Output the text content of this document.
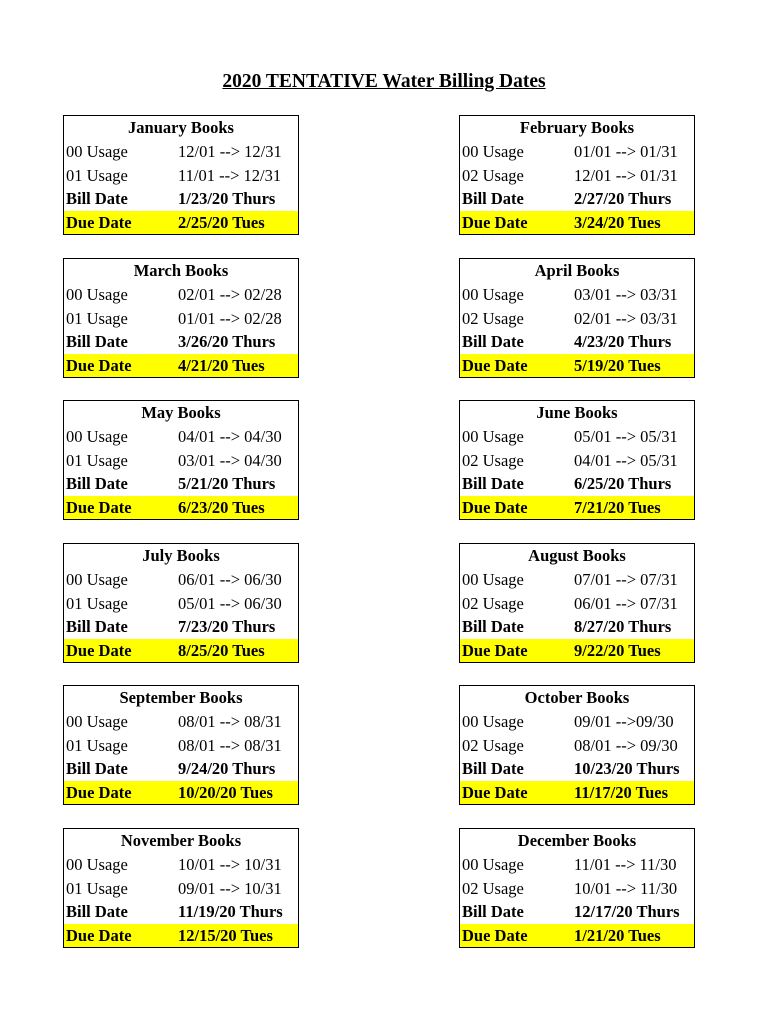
2020 TENTATIVE Water Billing Dates
January Books
00 Usage	12/01 --> 12/31
01 Usage	11/01 --> 12/31
Bill Date	1/23/20 Thurs
Due Date	2/25/20 Tues
February Books
00 Usage	01/01 --> 01/31
02 Usage	12/01 --> 01/31
Bill Date	2/27/20 Thurs
Due Date	3/24/20 Tues
March Books
00 Usage	02/01 --> 02/28
01 Usage	01/01 --> 02/28
Bill Date	3/26/20 Thurs
Due Date	4/21/20 Tues
April Books
00 Usage	03/01 --> 03/31
02 Usage	02/01 --> 03/31
Bill Date	4/23/20 Thurs
Due Date	5/19/20 Tues
May Books
00 Usage	04/01 --> 04/30
01 Usage	03/01 --> 04/30
Bill Date	5/21/20 Thurs
Due Date	6/23/20 Tues
June Books
00 Usage	05/01 --> 05/31
02 Usage	04/01 --> 05/31
Bill Date	6/25/20 Thurs
Due Date	7/21/20 Tues
July Books
00 Usage	06/01 --> 06/30
01 Usage	05/01 --> 06/30
Bill Date	7/23/20 Thurs
Due Date	8/25/20 Tues
August Books
00 Usage	07/01 --> 07/31
02 Usage	06/01 --> 07/31
Bill Date	8/27/20 Thurs
Due Date	9/22/20 Tues
September Books
00 Usage	08/01 --> 08/31
01 Usage	08/01 --> 08/31
Bill Date	9/24/20 Thurs
Due Date	10/20/20 Tues
October Books
00 Usage	09/01 -->09/30
02 Usage	08/01 --> 09/30
Bill Date	10/23/20 Thurs
Due Date	11/17/20 Tues
November Books
00 Usage	10/01 --> 10/31
01 Usage	09/01 --> 10/31
Bill Date	11/19/20 Thurs
Due Date	12/15/20 Tues
December Books
00 Usage	11/01 --> 11/30
02 Usage	10/01 --> 11/30
Bill Date	12/17/20 Thurs
Due Date	1/21/20 Tues
